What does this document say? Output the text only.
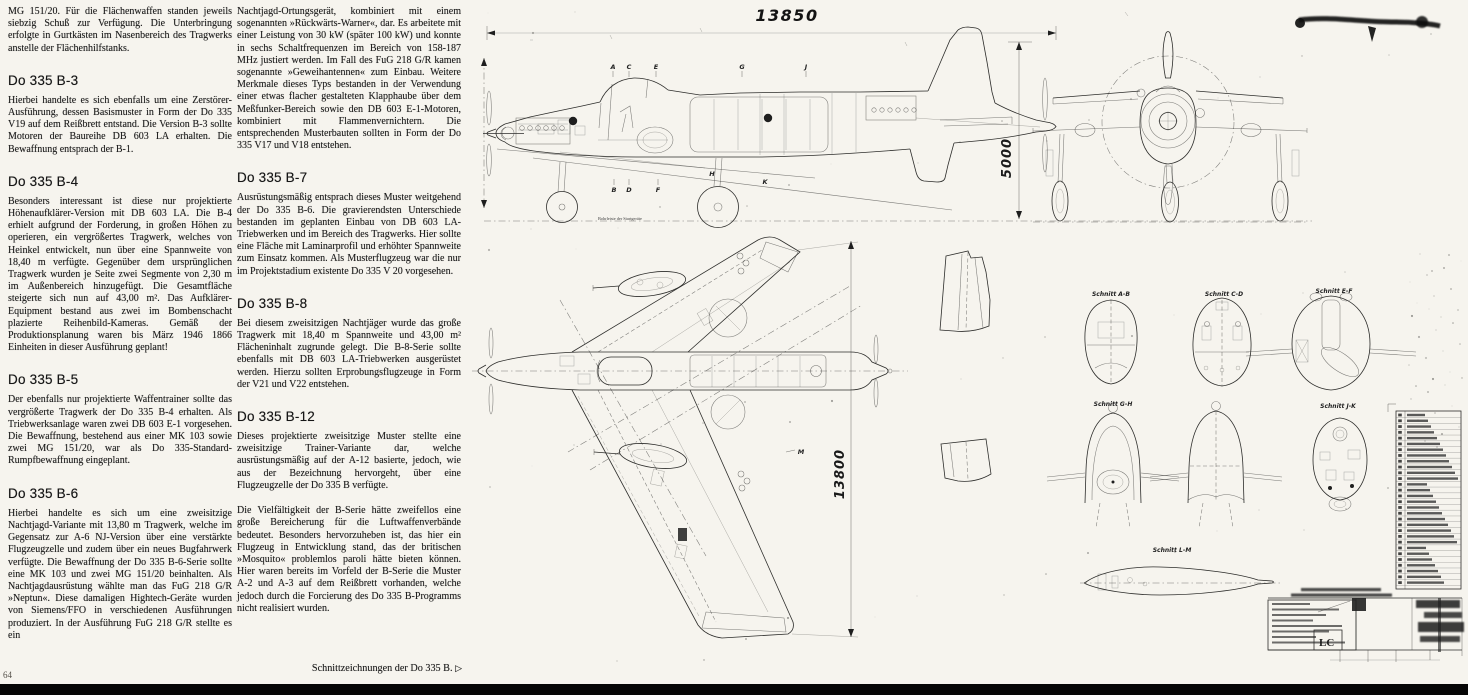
MG 151/20. Für die Flächenwaffen standen jeweils siebzig Schuß zur Verfügung. Die Unterbringung erfolgte in Gurtkästen im Nasenbereich des Tragwerks anstelle der Flächenhilfstanks.

Do 335 B-3

Hierbei handelte es sich ebenfalls um eine Zerstörer-Ausführung, dessen Basismuster in Form der Do 335 V19 auf dem Reißbrett entstand. Die Version B-3 sollte Motoren der Baureihe DB 603 LA erhalten. Die Bewaffnung entsprach der B-1.

Do 335 B-4

Besonders interessant ist diese nur projektierte Höhenaufklärer-Version mit DB 603 LA. Die B-4 erhielt aufgrund der Forderung, in großen Höhen zu operieren, ein vergrößertes Tragwerk, welches von Heinkel entwickelt, nun über eine Spannweite von 18,40 m verfügte. Gegenüber dem ursprünglichen Tragwerk wurden je Seite zwei Segmente von 2,30 m im Außenbereich hinzugefügt. Die Gesamtfläche steigerte sich nun auf 43,00 m². Das Aufklärer-Equipment bestand aus zwei im Bombenschacht plazierte Reihenbild-Kameras. Gemäß der Produktionsplanung waren bis März 1946 1866 Einheiten in dieser Ausführung geplant!

Do 335 B-5

Der ebenfalls nur projektierte Waffentrainer sollte das vergrößerte Tragwerk der Do 335 B-4 erhalten. Als Triebwerksanlage waren zwei DB 603 E-1 vorgesehen. Die Bewaffnung, bestehend aus einer MK 103 sowie zwei MG 151/20, war als Do 335-Standard-Rumpfbewaffnung eingeplant.

Do 335 B-6

Hierbei handelte es sich um eine zweisitzige Nachtjagd-Variante mit 13,80 m Tragwerk, welche im Gegensatz zur A-6 NJ-Version über eine verstärkte Flugzeugzelle und zudem über ein neues Bugfahrwerk verfügte. Die Bewaffnung der Do 335 B-6-Serie sollte eine MK 103 und zwei MG 151/20 beinhalten. Als Nachtjagdausrüstung wählte man das FuG 218 G/R »Neptun«. Diese damaligen Hightech-Geräte wurden von Siemens/FFO in verschiedenen Ausführungen produziert. In der Ausführung FuG 218 G/R stellte es ein

Nachtjagd-Ortungsgerät, kombiniert mit einem sogenannten »Rückwärts-Warner«, dar. Es arbeitete mit einer Leistung von 30 kW (später 100 kW) und konnte in sechs Schaltfrequenzen im Bereich von 158-187 MHz justiert werden. Im Fall des FuG 218 G/R kamen sogenannte »Geweihantennen« zum Einbau. Weitere Merkmale dieses Typs bestanden in der Verwendung einer etwas flacher gestalteten Klapphaube über dem Meßfunker-Bereich sowie den DB 603 E-1-Motoren, kombiniert mit Flammenvernichtern. Die entsprechenden Musterbauten sollten in Form der Do 335 V17 und V18 entstehen.

Do 335 B-7

Ausrüstungsmäßig entsprach dieses Muster weitgehend der Do 335 B-6. Die gravierendsten Unterschiede bestanden im geplanten Einbau von DB 603 LA-Triebwerken und im Bereich des Tragwerks. Hier sollte eine Fläche mit Laminarprofil und erhöhter Spannweite zum Einsatz kommen. Als Musterflugzeug war die nur im Projektstadium existente Do 335 V 20 vorgesehen.

Do 335 B-8

Bei diesem zweisitzigen Nachtjäger wurde das große Tragwerk mit 18,40 m Spannweite und 43,00 m² Flächeninhalt zugrunde gelegt. Die B-8-Serie sollte ebenfalls mit DB 603 LA-Triebwerken ausgerüstet werden. Hierzu sollten Erprobungsflugzeuge in Form der V21 und V22 entstehen.

Do 335 B-12

Dieses projektierte zweisitzige Muster stellte eine zweisitzige Trainer-Variante dar, welche ausrüstungsmäßig auf der A-12 basierte, jedoch, wie aus der Bezeichnung hervorgeht, über eine Flugzeugzelle der Do 335 B verfügte.

Die Vielfältigkeit der B-Serie hätte zweifellos eine große Bereicherung für die Luftwaffenverbände bedeutet. Besonders hervorzuheben ist, das hier ein Flugzeug in Entwicklung stand, das der britischen »Mosquito« problemlos paroli hätte bieten können. Hier waren bereits im Vorfeld der B-Serie die Muster A-2 und A-3 auf dem Reißbrett vorhanden, welche jedoch durch die Forcierung des Do 335 B-Programms nicht realisiert wurden.

Schnittzeichnungen der Do 335 B. ▷
64
13850
A C	E	G	J
B D	F
H
K
Bohrleiste der Startgeräte
5000
M 13800
Schnitt A-B	Schnitt C-D	Schnitt E-F
Schnitt G-H	Schnitt J-K
Schnitt L-M
LC
